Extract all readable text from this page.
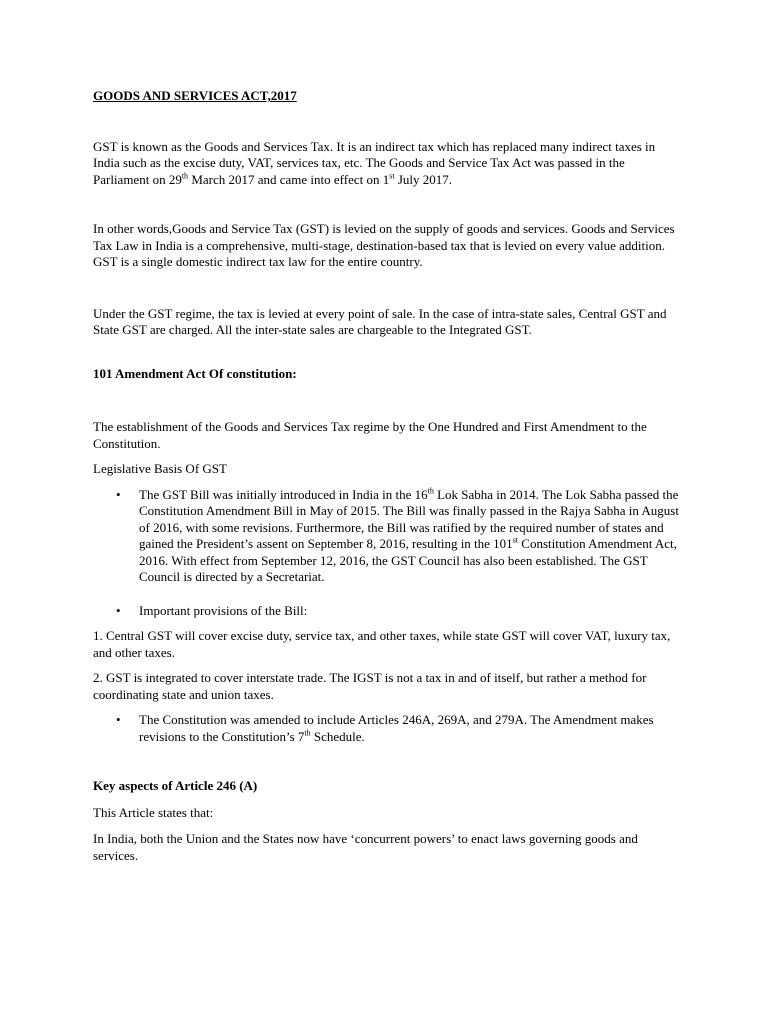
GOODS AND SERVICES ACT,2017

GST is known as the Goods and Services Tax. It is an indirect tax which has replaced many indirect taxes in India such as the excise duty, VAT, services tax, etc. The Goods and Service Tax Act was passed in the Parliament on 29th March 2017 and came into effect on 1st July 2017.

In other words,Goods and Service Tax (GST) is levied on the supply of goods and services. Goods and Services Tax Law in India is a comprehensive, multi-stage, destination-based tax that is levied on every value addition. GST is a single domestic indirect tax law for the entire country.

Under the GST regime, the tax is levied at every point of sale. In the case of intra-state sales, Central GST and State GST are charged. All the inter-state sales are chargeable to the Integrated GST.

101 Amendment Act Of constitution:

The establishment of the Goods and Services Tax regime by the One Hundred and First Amendment to the Constitution.

Legislative Basis Of GST

• The GST Bill was initially introduced in India in the 16th Lok Sabha in 2014. The Lok Sabha passed the Constitution Amendment Bill in May of 2015. The Bill was finally passed in the Rajya Sabha in August of 2016, with some revisions. Furthermore, the Bill was ratified by the required number of states and gained the President’s assent on September 8, 2016, resulting in the 101st Constitution Amendment Act, 2016. With effect from September 12, 2016, the GST Council has also been established. The GST Council is directed by a Secretariat.
• Important provisions of the Bill:

1. Central GST will cover excise duty, service tax, and other taxes, while state GST will cover VAT, luxury tax, and other taxes.

2. GST is integrated to cover interstate trade. The IGST is not a tax in and of itself, but rather a method for coordinating state and union taxes.

• The Constitution was amended to include Articles 246A, 269A, and 279A. The Amendment makes revisions to the Constitution’s 7th Schedule.

Key aspects of Article 246 (A)

This Article states that:

In India, both the Union and the States now have ‘concurrent powers’ to enact laws governing goods and services.
